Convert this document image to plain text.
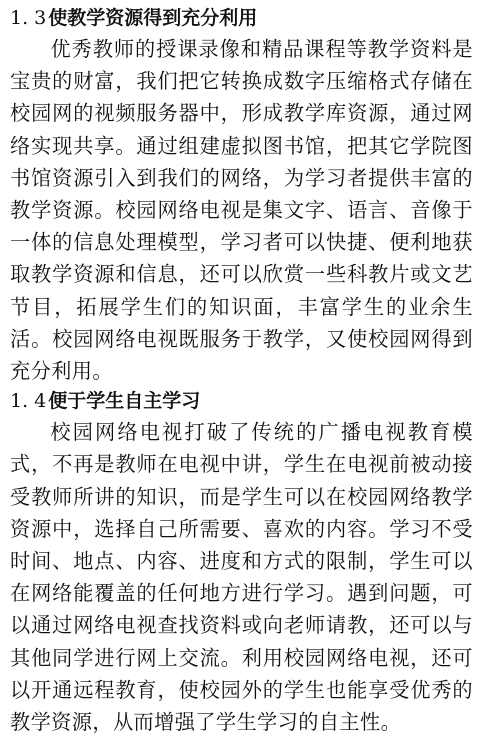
1. 3 使教学资源得到充分利用

优秀教师的授课录像和精品课程等教学资料是宝贵的财富，我们把它转换成数字压缩格式存储在校园网的视频服务器中，形成教学库资源，通过网络实现共享。通过组建虚拟图书馆，把其它学院图书馆资源引入到我们的网络，为学习者提供丰富的教学资源。校园网络电视是集文字、语言、音像于一体的信息处理模型，学习者可以快捷、便利地获取教学资源和信息，还可以欣赏一些科教片或文艺节目，拓展学生们的知识面，丰富学生的业余生活。校园网络电视既服务于教学，又使校园网得到充分利用。

1. 4 便于学生自主学习

校园网络电视打破了传统的广播电视教育模式，不再是教师在电视中讲，学生在电视前被动接受教师所讲的知识，而是学生可以在校园网络教学资源中，选择自己所需要、喜欢的内容。学习不受时间、地点、内容、进度和方式的限制，学生可以在网络能覆盖的任何地方进行学习。遇到问题，可以通过网络电视查找资料或向老师请教，还可以与其他同学进行网上交流。利用校园网络电视，还可以开通远程教育，使校园外的学生也能享受优秀的教学资源，从而增强了学生学习的自主性。
